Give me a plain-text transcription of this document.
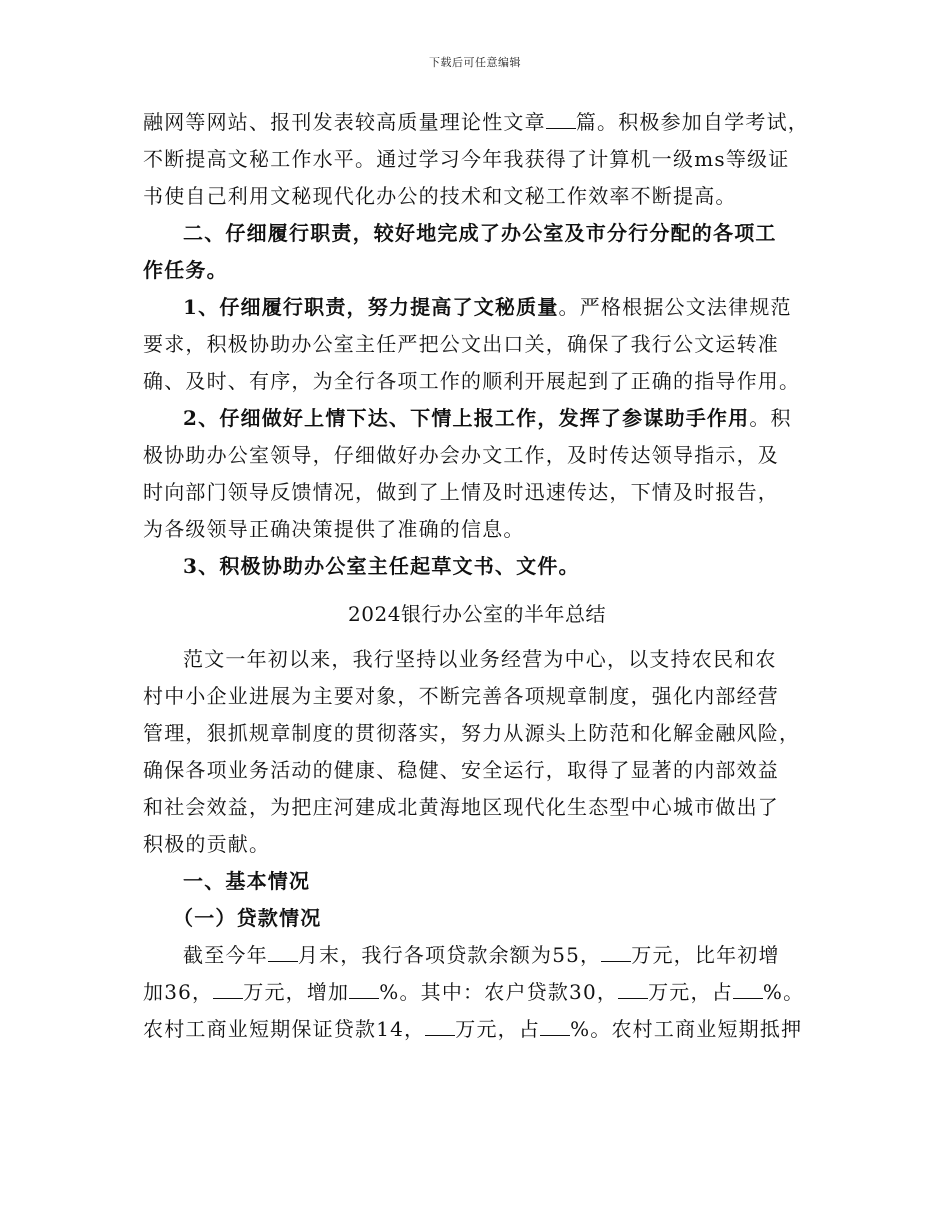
下载后可任意编辑
融网等网站、报刊发表较高质量理论性文章 篇。积极参加自学考试，
不断提高文秘工作水平。通过学习今年我获得了计算机一级ms等级证
书使自己利用文秘现代化办公的技术和文秘工作效率不断提高。
二、仔细履行职责，较好地完成了办公室及市分行分配的各项工
作任务。
1、仔细履行职责，努力提高了文秘质量。严格根据公文法律规范
要求，积极协助办公室主任严把公文出口关，确保了我行公文运转准
确、及时、有序，为全行各项工作的顺利开展起到了正确的指导作用。
2、仔细做好上情下达、下情上报工作，发挥了参谋助手作用。积
极协助办公室领导，仔细做好办会办文工作，及时传达领导指示，及
时向部门领导反馈情况，做到了上情及时迅速传达，下情及时报告，
为各级领导正确决策提供了准确的信息。
3、积极协助办公室主任起草文书、文件。
2024银行办公室的半年总结
范文一年初以来，我行坚持以业务经营为中心，以支持农民和农
村中小企业进展为主要对象，不断完善各项规章制度，强化内部经营
管理，狠抓规章制度的贯彻落实，努力从源头上防范和化解金融风险，
确保各项业务活动的健康、稳健、安全运行，取得了显著的内部效益
和社会效益，为把庄河建成北黄海地区现代化生态型中心城市做出了
积极的贡献。
一、基本情况
（一）贷款情况
截至今年 月末，我行各项贷款余额为55， 万元，比年初增
加36， 万元，增加 %。其中：农户贷款30， 万元，占 %。
农村工商业短期保证贷款14， 万元，占 %。农村工商业短期抵押
